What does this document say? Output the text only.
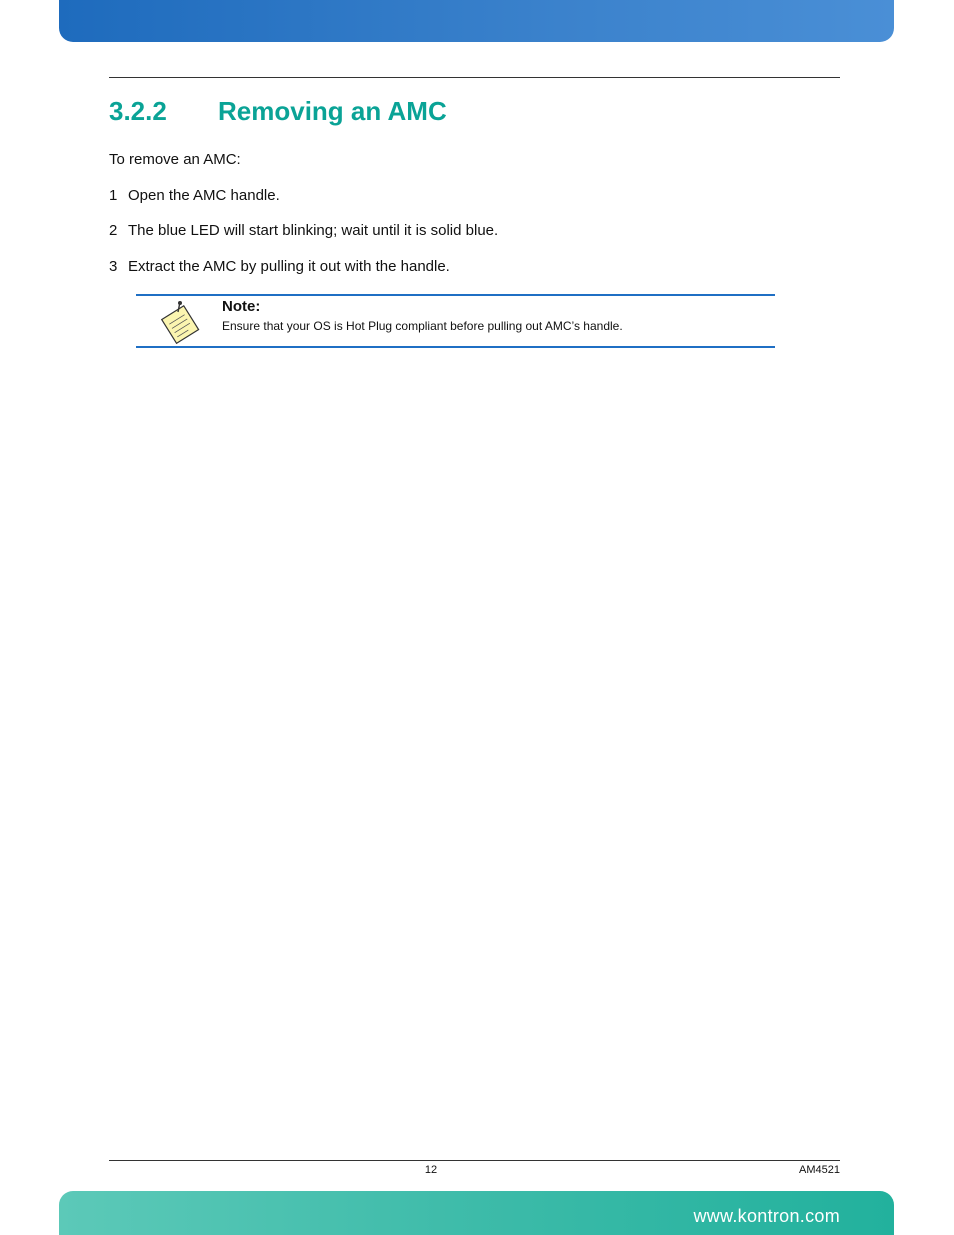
3.2.2 Removing an AMC
To remove an AMC:
1 Open the AMC handle.
2 The blue LED will start blinking; wait until it is solid blue.
3 Extract the AMC by pulling it out with the handle.
Note:
Ensure that your OS is Hot Plug compliant before pulling out AMC’s handle.
12	AM4521
www.kontron.com
